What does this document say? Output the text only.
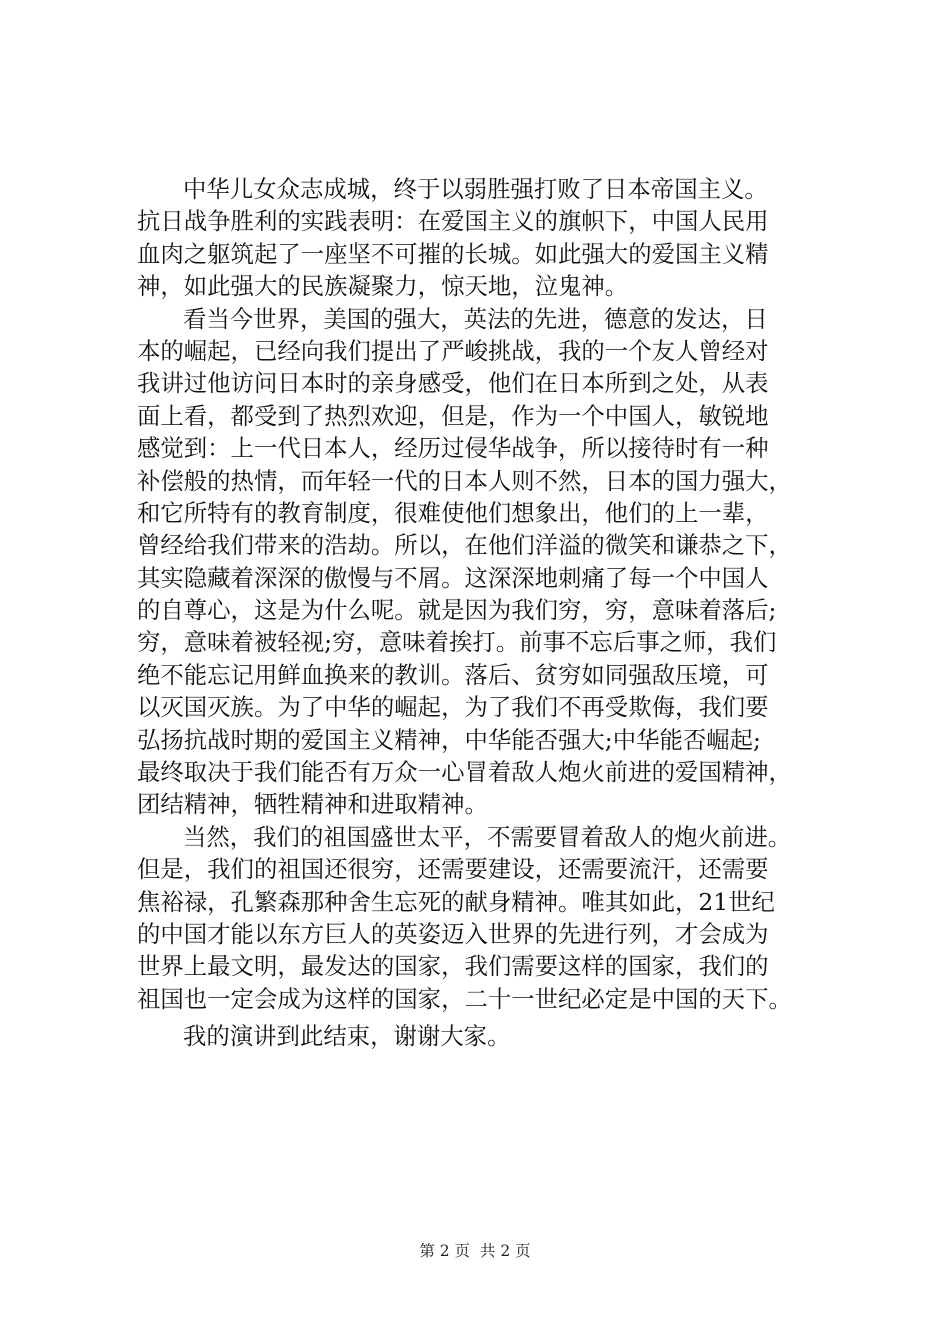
中华儿女众志成城，终于以弱胜强打败了日本帝国主义。
抗日战争胜利的实践表明：在爱国主义的旗帜下，中国人民用
血肉之躯筑起了一座坚不可摧的长城。如此强大的爱国主义精
神，如此强大的民族凝聚力，惊天地，泣鬼神。
看当今世界，美国的强大，英法的先进，德意的发达，日
本的崛起，已经向我们提出了严峻挑战，我的一个友人曾经对
我讲过他访问日本时的亲身感受，他们在日本所到之处，从表
面上看，都受到了热烈欢迎，但是，作为一个中国人，敏锐地
感觉到：上一代日本人，经历过侵华战争，所以接待时有一种
补偿般的热情，而年轻一代的日本人则不然，日本的国力强大，
和它所特有的教育制度，很难使他们想象出，他们的上一辈，
曾经给我们带来的浩劫。所以，在他们洋溢的微笑和谦恭之下，
其实隐藏着深深的傲慢与不屑。这深深地刺痛了每一个中国人
的自尊心，这是为什么呢。就是因为我们穷，穷，意味着落后;
穷，意味着被轻视;穷，意味着挨打。前事不忘后事之师，我们
绝不能忘记用鲜血换来的教训。落后、贫穷如同强敌压境，可
以灭国灭族。为了中华的崛起，为了我们不再受欺侮，我们要
弘扬抗战时期的爱国主义精神，中华能否强大;中华能否崛起;
最终取决于我们能否有万众一心冒着敌人炮火前进的爱国精神，
团结精神，牺牲精神和进取精神。
当然，我们的祖国盛世太平，不需要冒着敌人的炮火前进。
但是，我们的祖国还很穷，还需要建设，还需要流汗，还需要
焦裕禄，孔繁森那种舍生忘死的献身精神。唯其如此，21世纪
的中国才能以东方巨人的英姿迈入世界的先进行列，才会成为
世界上最文明，最发达的国家，我们需要这样的国家，我们的
祖国也一定会成为这样的国家，二十一世纪必定是中国的天下。
我的演讲到此结束，谢谢大家。
第 2 页  共 2 页
